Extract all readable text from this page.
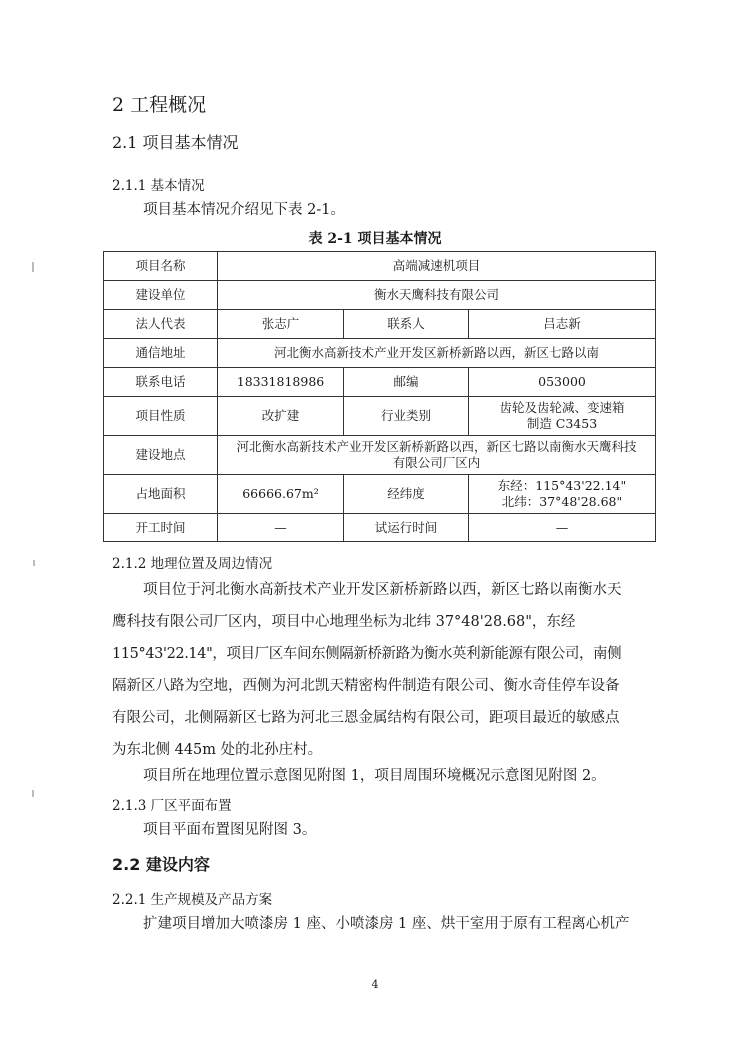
2 工程概况
2.1 项目基本情况
2.1.1 基本情况
项目基本情况介绍见下表 2-1。
表 2-1 项目基本情况
项目名称	高端减速机项目		
建设单位	衡水天鹰科技有限公司		
法人代表	张志广	联系人	吕志新
通信地址	河北衡水高新技术产业开发区新桥新路以西，新区七路以南		
联系电话	18331818986	邮编	053000
项目性质	改扩建	行业类别	齿轮及齿轮减、变速箱
制造 C3453

建设地点	河北衡水高新技术产业开发区新桥新路以西，新区七路以南衡水天鹰科技
有限公司厂区内		

占地面积	66666.67m²	经纬度	东经：115°43'22.14"
北纬：37°48'28.68"

开工时间	—	试运行时间	—
2.1.2 地理位置及周边情况
项目位于河北衡水高新技术产业开发区新桥新路以西，新区七路以南衡水天
鹰科技有限公司厂区内，项目中心地理坐标为北纬 37°48'28.68"，东经
115°43'22.14"，项目厂区车间东侧隔新桥新路为衡水英利新能源有限公司，南侧
隔新区八路为空地，西侧为河北凯天精密构件制造有限公司、衡水奇佳停车设备
有限公司，北侧隔新区七路为河北三恩金属结构有限公司，距项目最近的敏感点
为东北侧 445m 处的北孙庄村。
项目所在地理位置示意图见附图 1，项目周围环境概况示意图见附图 2。
2.1.3 厂区平面布置
项目平面布置图见附图 3。
2.2 建设内容
2.2.1 生产规模及产品方案
扩建项目增加大喷漆房 1 座、小喷漆房 1 座、烘干室用于原有工程离心机产
4
